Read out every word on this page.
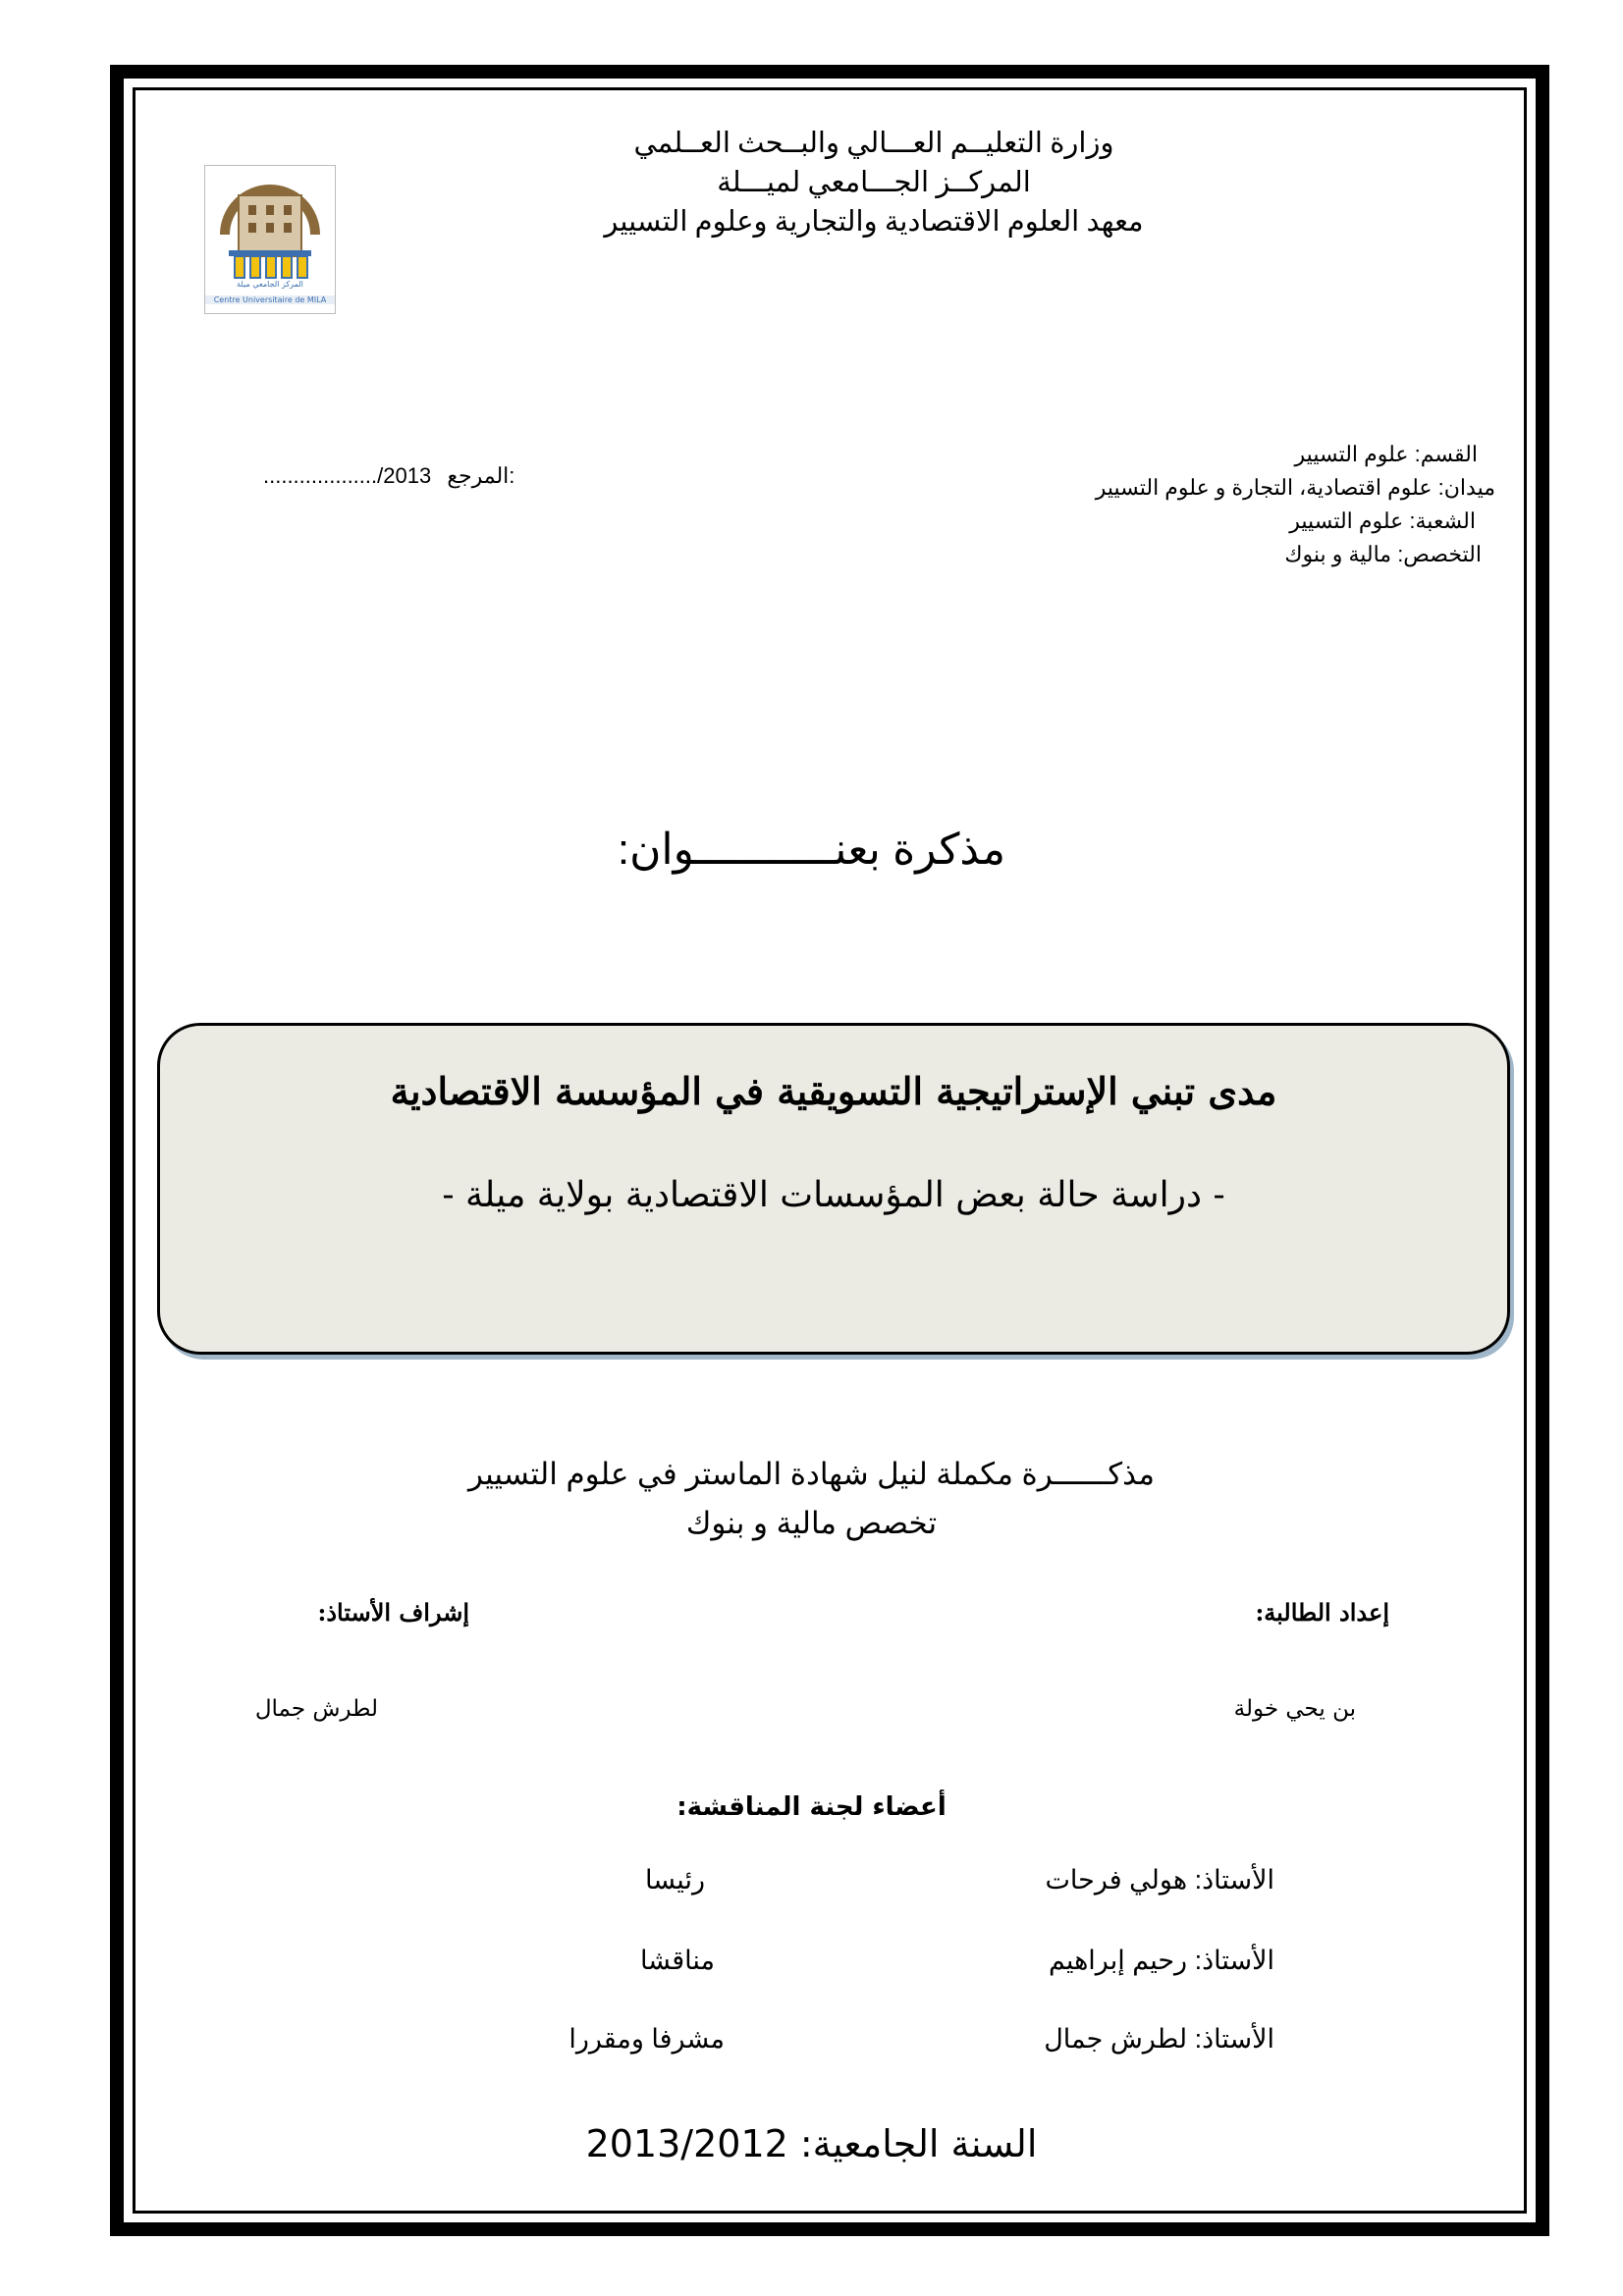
وزارة التعليــم العـــالي والبــحث العــلمي
المركــز الجـــامعي لميـــلة
معهد العلوم الاقتصادية والتجارية وعلوم التسيير
المركز الجامعي ميلة
Centre Universitaire de MILA
القسم: علوم التسيير
ميدان: علوم اقتصادية، التجارة و علوم التسيير
الشعبة: علوم التسيير
التخصص: مالية و بنوك
.................../2013 المرجع:
مذكرة بعنـــــــــــوان:
مدى تبني الإستراتيجية التسويقية في المؤسسة الاقتصادية
- دراسة حالة بعض المؤسسات الاقتصادية بولاية ميلة -
مذكــــــرة مكملة لنيل شهادة الماستر في علوم التسيير
تخصص مالية و بنوك
إعداد الطالبة:
إشراف الأستاذ:
بن يحي خولة
لطرش جمال
أعضاء لجنة المناقشة:
الأستاذ: هولي فرحات
رئيسا
الأستاذ: رحيم إبراهيم
مناقشا
الأستاذ: لطرش جمال
مشرفا ومقررا
السنة الجامعية: 2013/2012
